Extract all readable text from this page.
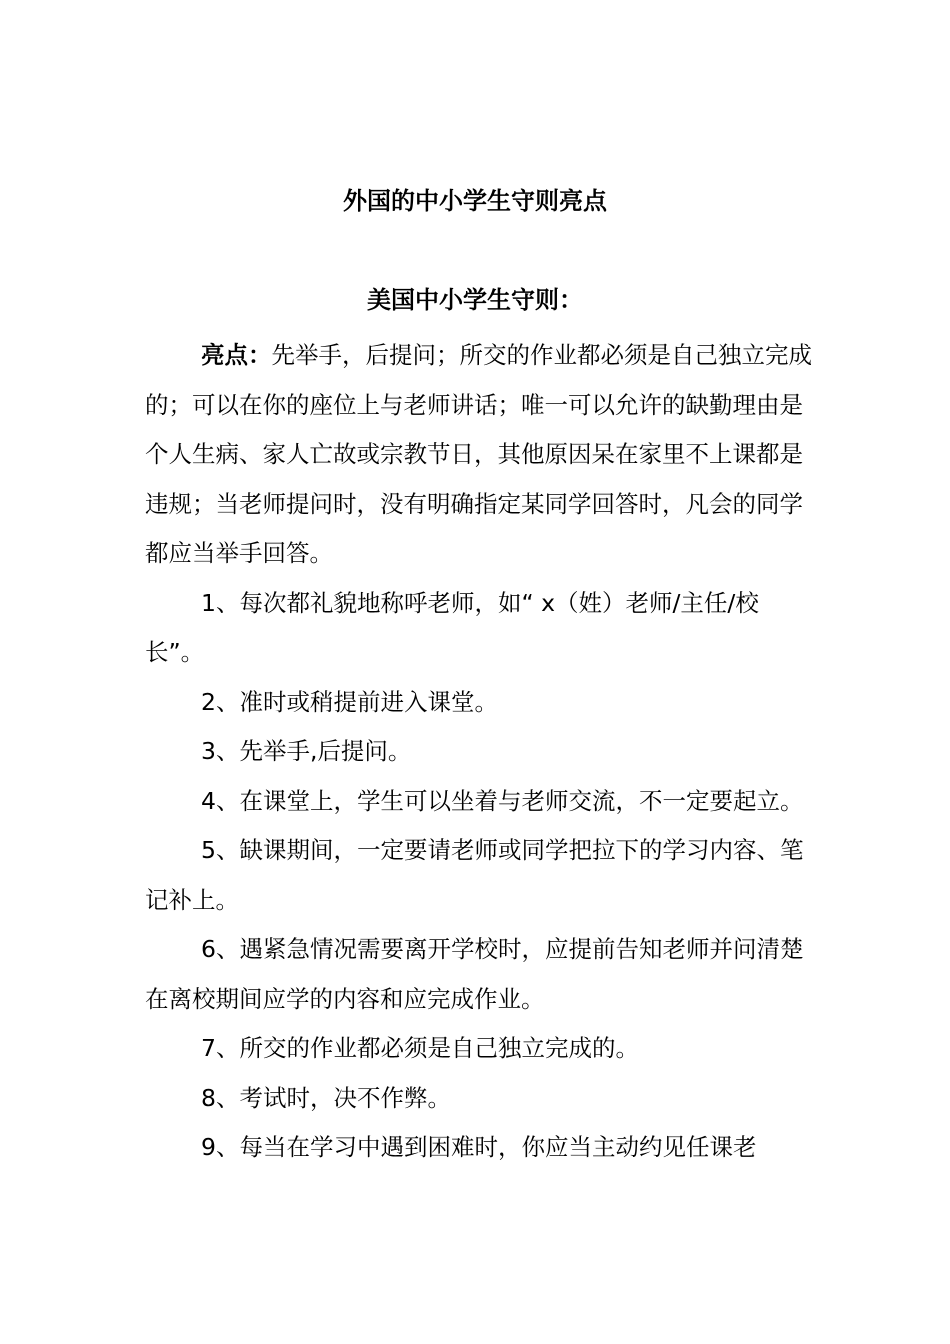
外国的中小学生守则亮点
美国中小学生守则：

亮点：先举手，后提问；所交的作业都必须是自己独立完成的；可以在你的座位上与老师讲话；唯一可以允许的缺勤理由是个人生病、家人亡故或宗教节日，其他原因呆在家里不上课都是违规；当老师提问时，没有明确指定某同学回答时，凡会的同学都应当举手回答。

1、每次都礼貌地称呼老师，如“ x（姓）老师/主任/校长”。

2、准时或稍提前进入课堂。

3、先举手,后提问。

4、在课堂上，学生可以坐着与老师交流，不一定要起立。

5、缺课期间，一定要请老师或同学把拉下的学习内容、笔记补上。

6、遇紧急情况需要离开学校时，应提前告知老师并问清楚在离校期间应学的内容和应完成作业。

7、所交的作业都必须是自己独立完成的。

8、考试时，决不作弊。

9、每当在学习中遇到困难时，你应当主动约见任课老
